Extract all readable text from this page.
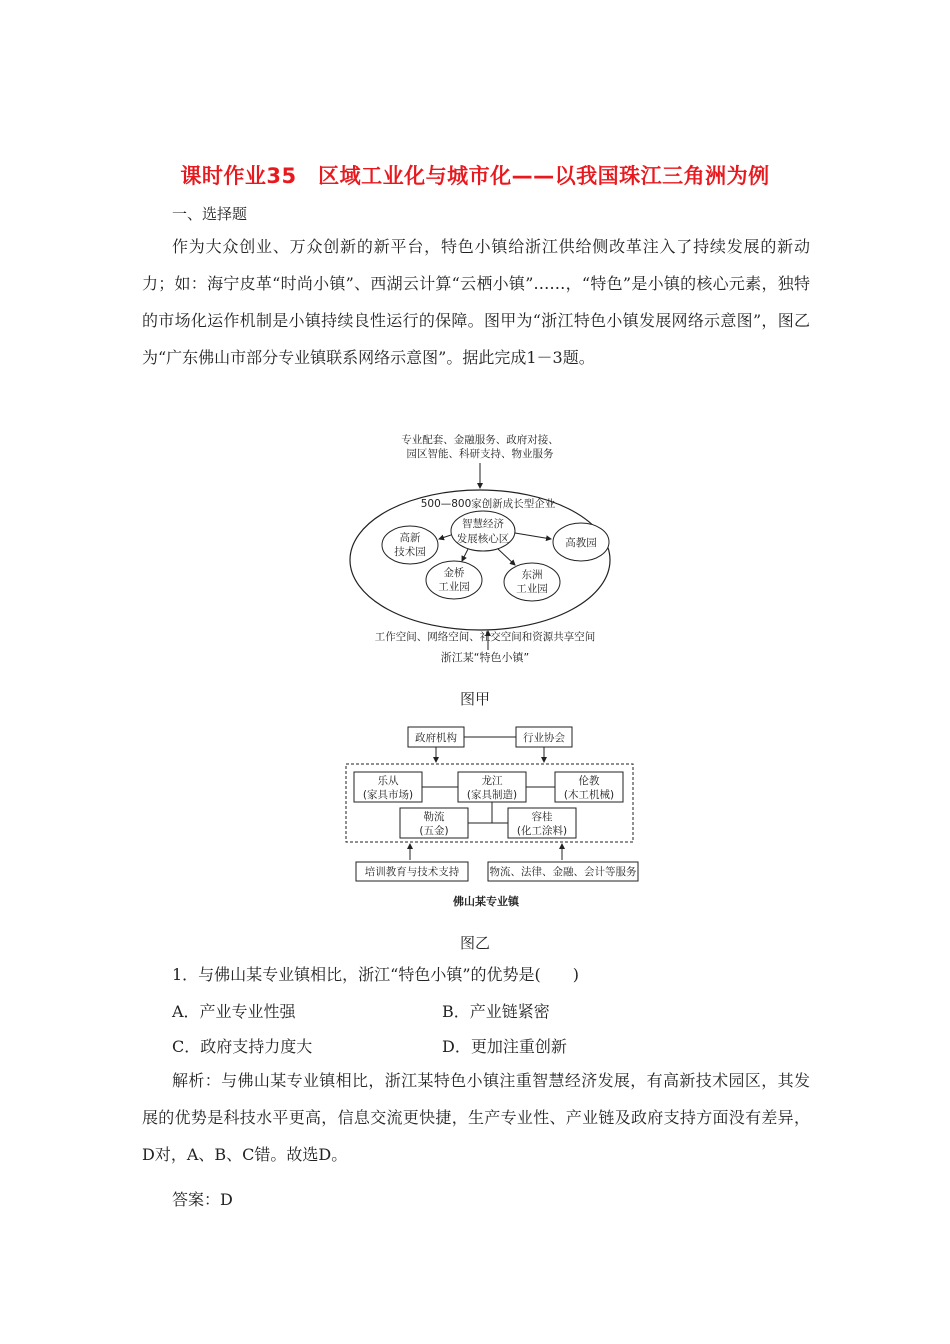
课时作业35　区域工业化与城市化——以我国珠江三角洲为例
一、选择题

作为大众创业、万众创新的新平台，特色小镇给浙江供给侧改革注入了持续发展的新动力；如：海宁皮革“时尚小镇”、西湖云计算“云栖小镇”……，“特色”是小镇的核心元素，独特的市场化运作机制是小镇持续良性运行的保障。图甲为“浙江特色小镇发展网络示意图”，图乙为“广东佛山市部分专业镇联系网络示意图”。据此完成1－3题。

专业配套、金融服务、政府对接、
园区智能、科研支持、物业服务
500—800家创新成长型企业
智慧经济
发展核心区
高新
技术园
高教园
金桥
工业园
东洲
工业园
工作空间、网络空间、社交空间和资源共享空间
浙江某“特色小镇”
图甲
政府机构	行业协会
乐从
(家具市场)
龙江
(家具制造)
伦教
(木工机械)
勒流
(五金)
容桂
(化工涂料)
培训教育与技术支持	物流、法律、金融、会计等服务
佛山某专业镇
图乙
1．与佛山某专业镇相比，浙江“特色小镇”的优势是(　　)
A．产业专业性强	B．产业链紧密
C．政府支持力度大	D．更加注重创新

解析：与佛山某专业镇相比，浙江某特色小镇注重智慧经济发展，有高新技术园区，其发展的优势是科技水平更高，信息交流更快捷，生产专业性、产业链及政府支持方面没有差异，D对，A、B、C错。故选D。

答案：D
